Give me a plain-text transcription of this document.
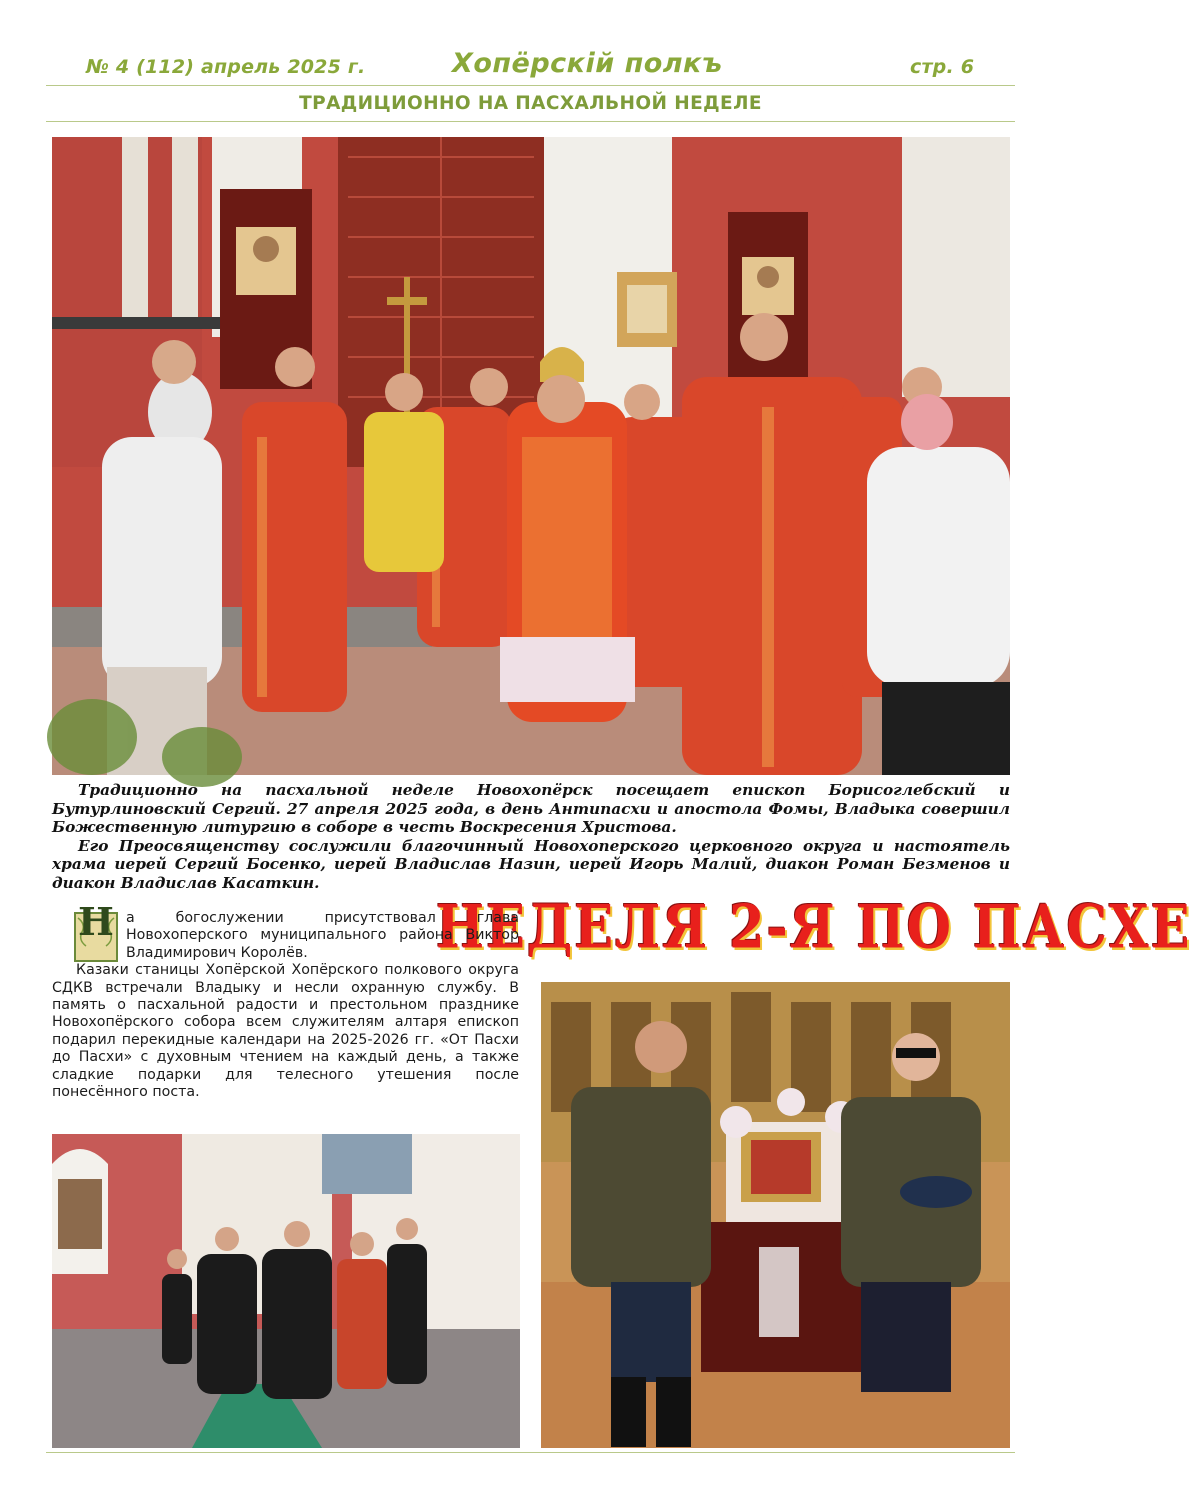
№ 4 (112) апрель 2025 г.	Хопёрскiй полкъ	стр. 6
ТРАДИЦИОННО НА ПАСХАЛЬНОЙ НЕДЕЛЕ

Традиционно на пасхальной неделе Новохопёрск посещает епископ Борисоглебский и Бутурлиновский Сергий. 27 апреля 2025 года, в день Антипасхи и апостола Фомы, Владыка совершил Божественную литургию в соборе в честь Воскресения Христова.

Его Преосвященству сослужили благочинный Новохоперского церковного округа и настоятель храма иерей Сергий Босенко, иерей Владислав Назин, иерей Игорь Малий, диакон Роман Безменов и диакон Владислав Касаткин.

НЕДЕЛЯ 2-Я ПО ПАСХЕ

Н а богослужении присутствовал глава Новохоперского муниципального района Виктор Владимирович Королёв.

Казаки станицы Хопёрской Хопёрского полкового округа СДКВ встречали Владыку и несли охранную службу. В память о пасхальной радости и престольном празднике Новохопёрского собора всем служителям алтаря епископ подарил перекидные календари на 2025-2026 гг. «От Пасхи до Пасхи» с духовным чтением на каждый день, а также сладкие подарки для телесного утешения после понесённого поста.
